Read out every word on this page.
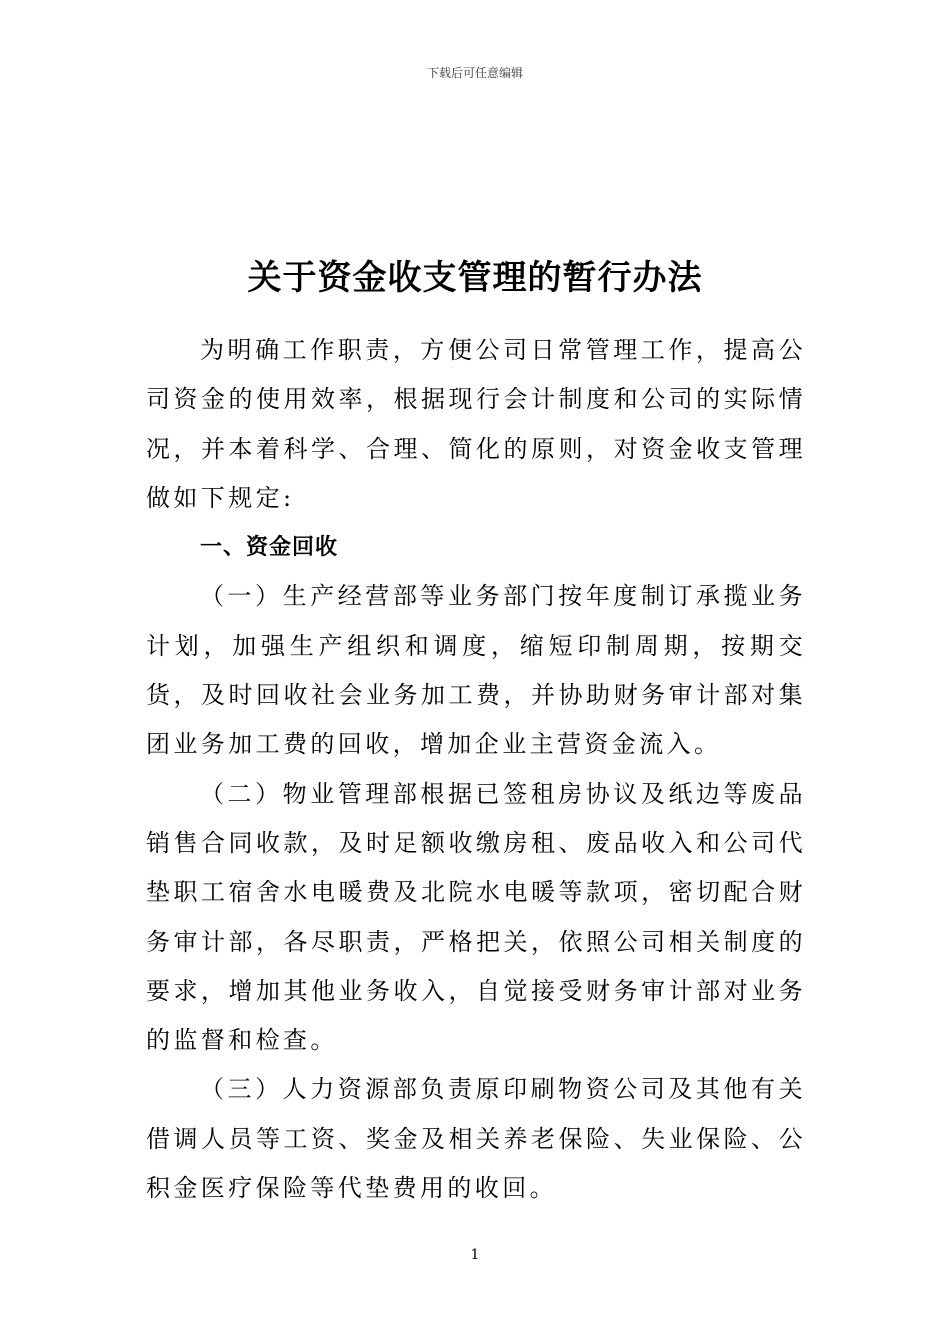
下载后可任意编辑
关于资金收支管理的暂行办法

为明确工作职责，方便公司日常管理工作，提高公司资金的使用效率，根据现行会计制度和公司的实际情况，并本着科学、合理、简化的原则，对资金收支管理做如下规定:

一、资金回收

（一）生产经营部等业务部门按年度制订承揽业务计划，加强生产组织和调度，缩短印制周期，按期交货，及时回收社会业务加工费，并协助财务审计部对集团业务加工费的回收，增加企业主营资金流入。

（二）物业管理部根据已签租房协议及纸边等废品销售合同收款，及时足额收缴房租、废品收入和公司代垫职工宿舍水电暖费及北院水电暖等款项，密切配合财务审计部，各尽职责，严格把关，依照公司相关制度的要求，增加其他业务收入，自觉接受财务审计部对业务的监督和检查。

（三）人力资源部负责原印刷物资公司及其他有关借调人员等工资、奖金及相关养老保险、失业保险、公积金医疗保险等代垫费用的收回。

1
